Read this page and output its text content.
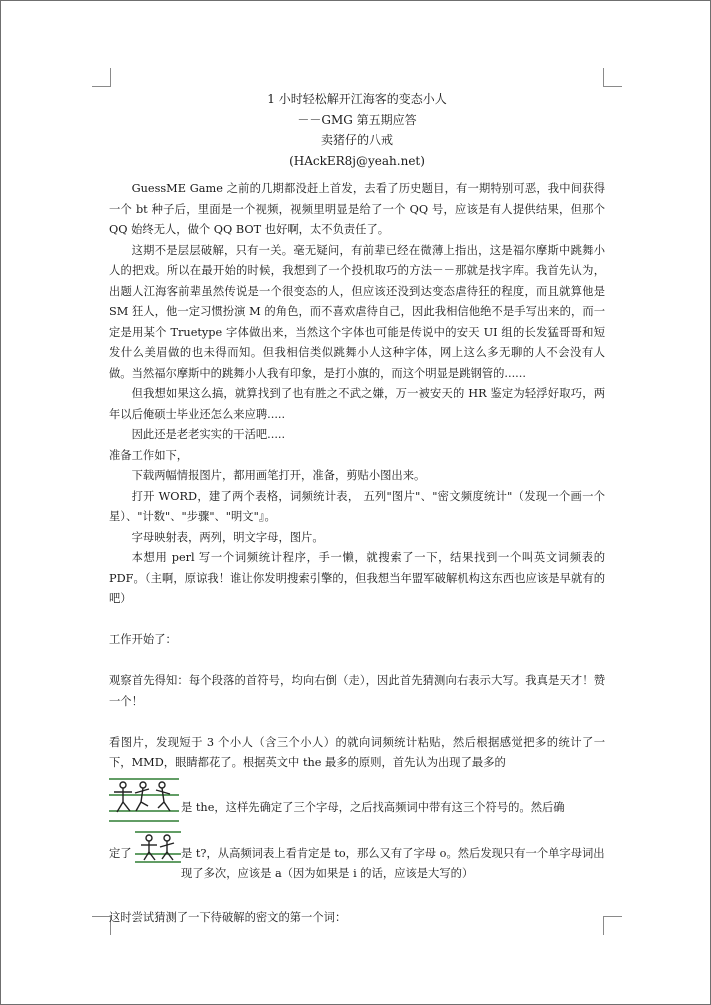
1 小时轻松解开江海客的变态小人
－－GMG 第五期应答
卖猪仔的八戒
(HAckER8j@yeah.net)

GuessME Game 之前的几期都没赶上首发，去看了历史题目，有一期特别可恶，我中间获得一个 bt 种子后，里面是一个视频，视频里明显是给了一个 QQ 号，应该是有人提供结果，但那个 QQ 始终无人，做个 QQ BOT 也好啊，太不负责任了。

这期不是层层破解，只有一关。毫无疑问，有前辈已经在微薄上指出，这是福尔摩斯中跳舞小人的把戏。所以在最开始的时候，我想到了一个投机取巧的方法－－那就是找字库。我首先认为，出题人江海客前辈虽然传说是一个很变态的人，但应该还没到达变态虐待狂的程度，而且就算他是 SM 狂人，他一定习惯扮演 M 的角色，而不喜欢虐待自己，因此我相信他绝不是手写出来的，而一定是用某个 Truetype 字体做出来，当然这个字体也可能是传说中的安天 UI 组的长发猛哥哥和短发什么美眉做的也未得而知。但我相信类似跳舞小人这种字体，网上这么多无聊的人不会没有人做。当然福尔摩斯中的跳舞小人我有印象，是打小旗的，而这个明显是跳钢管的......

但我想如果这么搞，就算找到了也有胜之不武之嫌，万一被安天的 HR 鉴定为轻浮好取巧，两年以后俺硕士毕业还怎么来应聘.....

因此还是老老实实的干活吧.....

准备工作如下，

下载两幅情报图片，都用画笔打开，准备，剪贴小图出来。

打开 WORD，建了两个表格，词频统计表， 五列"图片"、"密文频度统计"（发现一个画一个星）、"计数"、"步骤"、"明文"』。

字母映射表，两列，明文字母，图片。

本想用 perl 写一个词频统计程序，手一懒，就搜索了一下，结果找到一个叫英文词频表的 PDF。（主啊，原谅我！谁让你发明搜索引擎的，但我想当年盟军破解机构这东西也应该是早就有的吧）

工作开始了：

观察首先得知：每个段落的首符号，均向右倒（走），因此首先猜测向右表示大写。我真是天才！赞一个！

看图片，发现短于 3 个小人（含三个小人）的就向词频统计粘贴，然后根据感觉把多的统计了一下，MMD，眼睛都花了。根据英文中 the 最多的原则，首先认为出现了最多的

是 the，这样先确定了三个字母，之后找高频词中带有这三个符号的。然后确
定了	是 t?，从高频词表上看肯定是 to，那么又有了字母 o。然后发现只有一个单字母词出现了多次，应该是 a（因为如果是 i 的话，应该是大写的）

这时尝试猜测了一下待破解的密文的第一个词：
